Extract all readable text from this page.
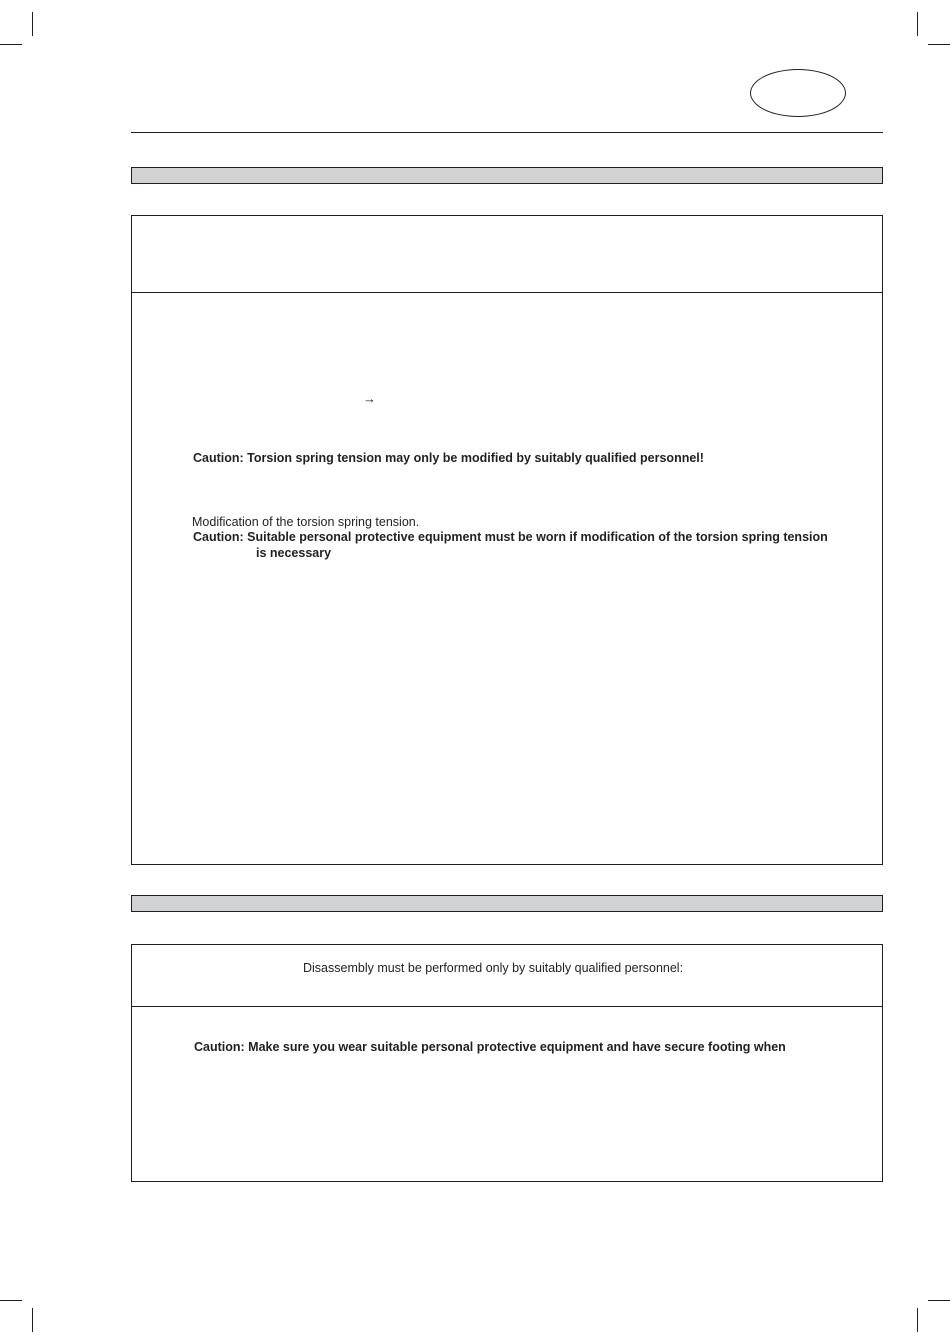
→
Caution: Torsion spring tension may only be modified by suitably qualified personnel!
Modification of the torsion spring tension.
Caution: Suitable personal protective equipment must be worn if modification of the torsion spring tension
is necessary
Disassembly must be performed only by suitably qualified personnel:
Caution: Make sure you wear suitable personal protective equipment and have secure footing when
